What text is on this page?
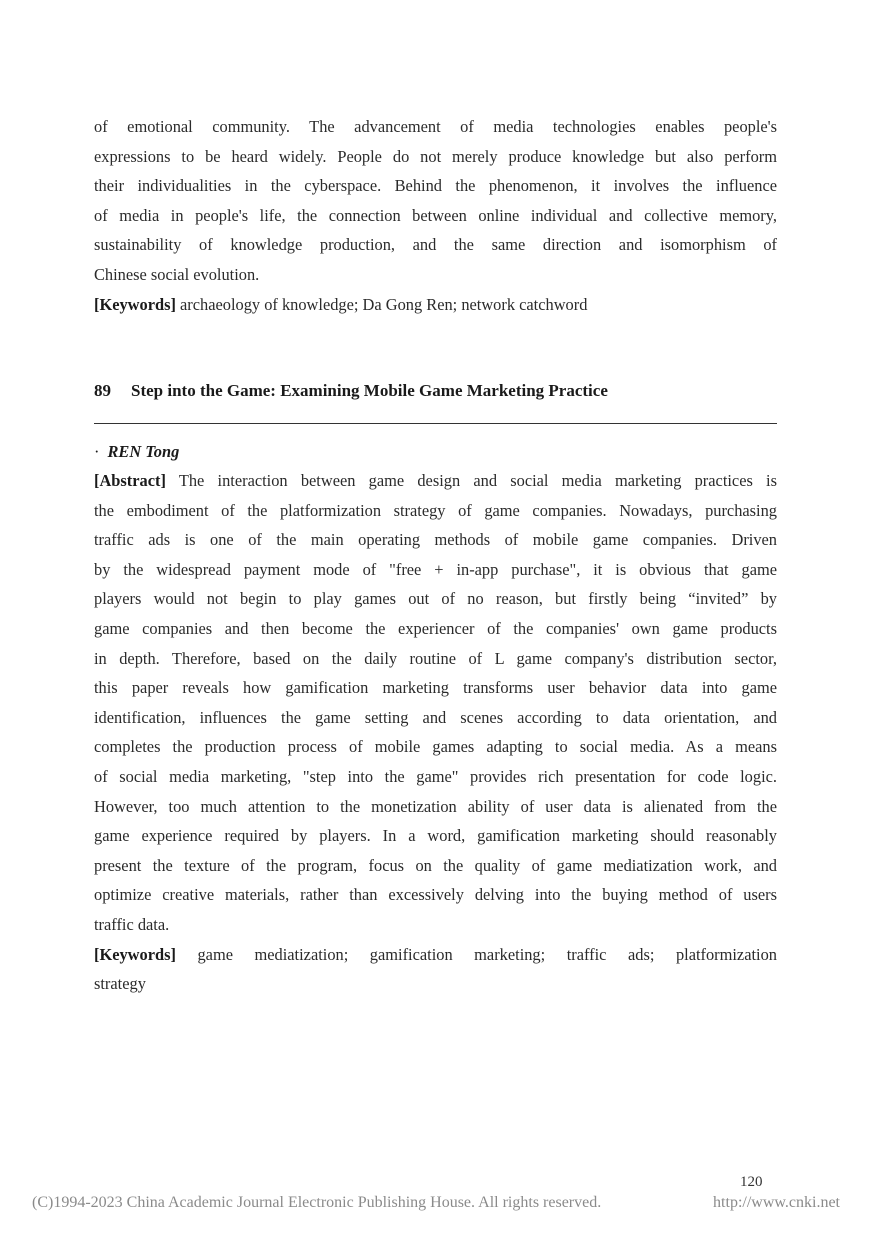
of emotional community. The advancement of media technologies enables people's

expressions to be heard widely. People do not merely produce knowledge but also perform

their individualities in the cyberspace. Behind the phenomenon, it involves the influence

of media in people's life, the connection between online individual and collective memory,

sustainability of knowledge production, and the same direction and isomorphism of

Chinese social evolution.

[Keywords] archaeology of knowledge; Da Gong Ren; network catchword

89 Step into the Game: Examining Mobile Game Marketing Practice

· REN Tong

[Abstract] The interaction between game design and social media marketing practices is

the embodiment of the platformization strategy of game companies. Nowadays, purchasing

traffic ads is one of the main operating methods of mobile game companies. Driven

by the widespread payment mode of "free + in-app purchase", it is obvious that game

players would not begin to play games out of no reason, but firstly being “invited” by

game companies and then become the experiencer of the companies' own game products

in depth. Therefore, based on the daily routine of L game company's distribution sector,

this paper reveals how gamification marketing transforms user behavior data into game

identification, influences the game setting and scenes according to data orientation, and

completes the production process of mobile games adapting to social media. As a means

of social media marketing, "step into the game" provides rich presentation for code logic.

However, too much attention to the monetization ability of user data is alienated from the

game experience required by players. In a word, gamification marketing should reasonably

present the texture of the program, focus on the quality of game mediatization work, and

optimize creative materials, rather than excessively delving into the buying method of users

traffic data.

[Keywords] game mediatization; gamification marketing; traffic ads; platformization

strategy

120
(C)1994-2023 China Academic Journal Electronic Publishing House. All rights reserved.	http://www.cnki.net
